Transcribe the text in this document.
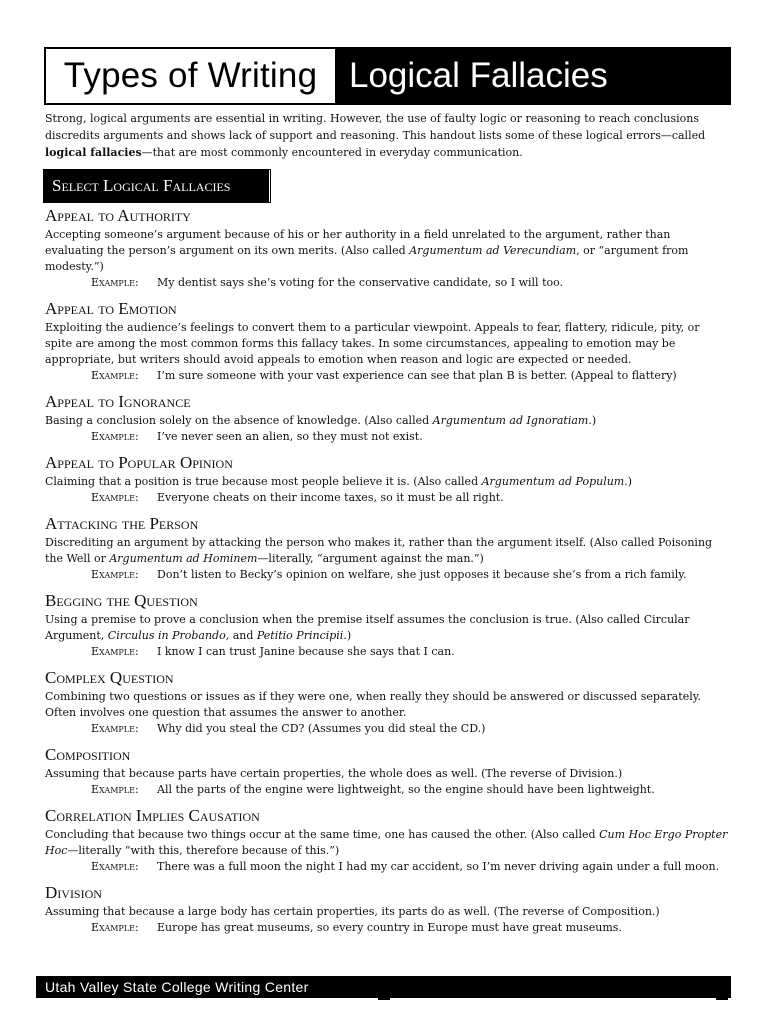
Types of Writing Logical Fallacies
Strong, logical arguments are essential in writing. However, the use of faulty logic or reasoning to reach conclusions discredits arguments and shows lack of support and reasoning. This handout lists some of these logical errors—called logical fallacies—that are most commonly encountered in everyday communication.
Select Logical Fallacies
Appeal to Authority
Accepting someone’s argument because of his or her authority in a field unrelated to the argument, rather than evaluating the person’s argument on its own merits. (Also called Argumentum ad Verecundiam, or “argument from modesty.”)
Example:	My dentist says she’s voting for the conservative candidate, so I will too.
Appeal to Emotion
Exploiting the audience’s feelings to convert them to a particular viewpoint. Appeals to fear, flattery, ridicule, pity, or spite are among the most common forms this fallacy takes. In some circumstances, appealing to emotion may be appropriate, but writers should avoid appeals to emotion when reason and logic are expected or needed.
Example:	I’m sure someone with your vast experience can see that plan B is better. (Appeal to flattery)
Appeal to Ignorance
Basing a conclusion solely on the absence of knowledge. (Also called Argumentum ad Ignoratiam.)
Example:	I’ve never seen an alien, so they must not exist.
Appeal to Popular Opinion
Claiming that a position is true because most people believe it is. (Also called Argumentum ad Populum.)
Example:	Everyone cheats on their income taxes, so it must be all right.
Attacking the Person
Discrediting an argument by attacking the person who makes it, rather than the argument itself. (Also called Poisoning the Well or Argumentum ad Hominem—literally, “argument against the man.”)
Example:	Don’t listen to Becky’s opinion on welfare, she just opposes it because she’s from a rich family.
Begging the Question
Using a premise to prove a conclusion when the premise itself assumes the conclusion is true. (Also called Circular Argument, Circulus in Probando, and Petitio Principii.)
Example:	I know I can trust Janine because she says that I can.
Complex Question
Combining two questions or issues as if they were one, when really they should be answered or discussed separately. Often involves one question that assumes the answer to another.
Example:	Why did you steal the CD? (Assumes you did steal the CD.)
Composition
Assuming that because parts have certain properties, the whole does as well. (The reverse of Division.)
Example:	All the parts of the engine were lightweight, so the engine should have been lightweight.
Correlation Implies Causation
Concluding that because two things occur at the same time, one has caused the other. (Also called Cum Hoc Ergo Propter Hoc—literally “with this, therefore because of this.”)
Example:	There was a full moon the night I had my car accident, so I’m never driving again under a full moon.
Division
Assuming that because a large body has certain properties, its parts do as well. (The reverse of Composition.)
Example:	Europe has great museums, so every country in Europe must have great museums.
Utah Valley State College Writing Center
